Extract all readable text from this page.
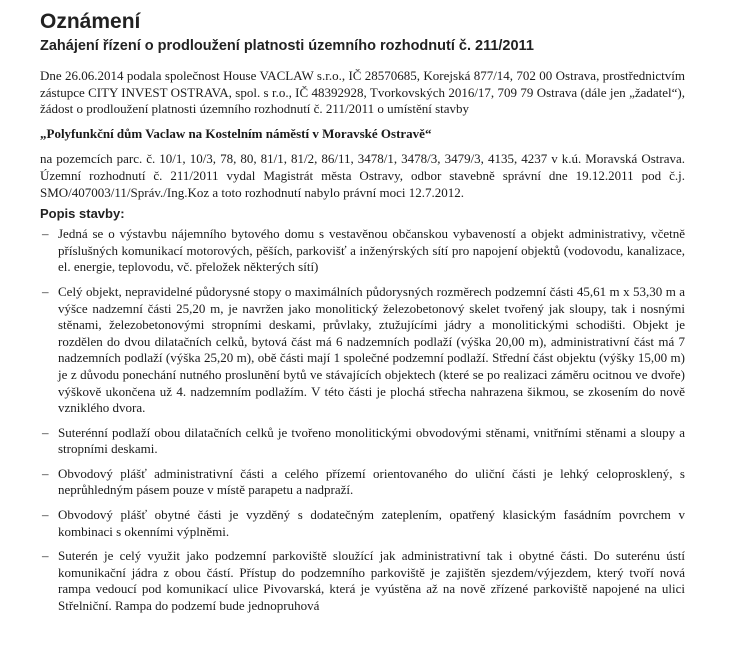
Oznámení
Zahájení řízení o prodloužení platnosti územního rozhodnutí č. 211/2011

Dne 26.06.2014 podala společnost House VACLAW s.r.o., IČ 28570685, Korejská 877/14, 702 00 Ostrava, prostřednictvím zástupce CITY INVEST OSTRAVA, spol. s r.o., IČ 48392928, Tvorkovských 2016/17, 709 79 Ostrava (dále jen „žadatel“), žádost o prodloužení platnosti územního rozhodnutí č. 211/2011 o umístění stavby

„Polyfunkční dům Vaclaw na Kostelním náměstí v Moravské Ostravě“

na pozemcích parc. č. 10/1, 10/3, 78, 80, 81/1, 81/2, 86/11, 3478/1, 3478/3, 3479/3, 4135, 4237 v k.ú. Moravská Ostrava. Územní rozhodnutí č. 211/2011 vydal Magistrát města Ostravy, odbor stavebně správní dne 19.12.2011 pod č.j. SMO/407003/11/Správ./Ing.Koz a toto rozhodnutí nabylo právní moci 12.7.2012.

Popis stavby:
– Jedná se o výstavbu nájemního bytového domu s vestavěnou občanskou vybaveností a objekt administrativy, včetně příslušných komunikací motorových, pěších, parkovišť a inženýrských sítí pro napojení objektů (vodovodu, kanalizace, el. energie, teplovodu, vč. přeložek některých sítí)
– Celý objekt, nepravidelné půdorysné stopy o maximálních půdorysných rozměrech podzemní části 45,61 m x 53,30 m a výšce nadzemní části 25,20 m, je navržen jako monolitický železobetonový skelet tvořený jak sloupy, tak i nosnými stěnami, železobetonovými stropními deskami, průvlaky, ztužujícími jádry a monolitickými schodišti. Objekt je rozdělen do dvou dilatačních celků, bytová část má 6 nadzemních podlaží (výška 20,00 m), administrativní část má 7 nadzemních podlaží (výška 25,20 m), obě části mají 1 společné podzemní podlaží. Střední část objektu (výšky 15,00 m) je z důvodu ponechání nutného proslunění bytů ve stávajících objektech (které se po realizaci záměru ocitnou ve dvoře) výškově ukončena už 4. nadzemním podlažím. V této části je plochá střecha nahrazena šikmou, se zkosením do nově vzniklého dvora.
– Suterénní podlaží obou dilatačních celků je tvořeno monolitickými obvodovými stěnami, vnitřními stěnami a sloupy a stropními deskami.
– Obvodový plášť administrativní části a celého přízemí orientovaného do uliční části je lehký celoprosklený, s neprůhledným pásem pouze v místě parapetu a nadpraží.
– Obvodový plášť obytné části je vyzděný s dodatečným zateplením, opatřený klasickým fasádním povrchem v kombinaci s okenními výplněmi.
– Suterén je celý využit jako podzemní parkoviště sloužící jak administrativní tak i obytné části. Do suterénu ústí komunikační jádra z obou částí. Přístup do podzemního parkoviště je zajištěn sjezdem/výjezdem, který tvoří nová rampa vedoucí pod komunikací ulice Pivovarská, která je vyústěna až na nově zřízené parkoviště napojené na ulici Střelniční. Rampa do podzemí bude jednopruhová
